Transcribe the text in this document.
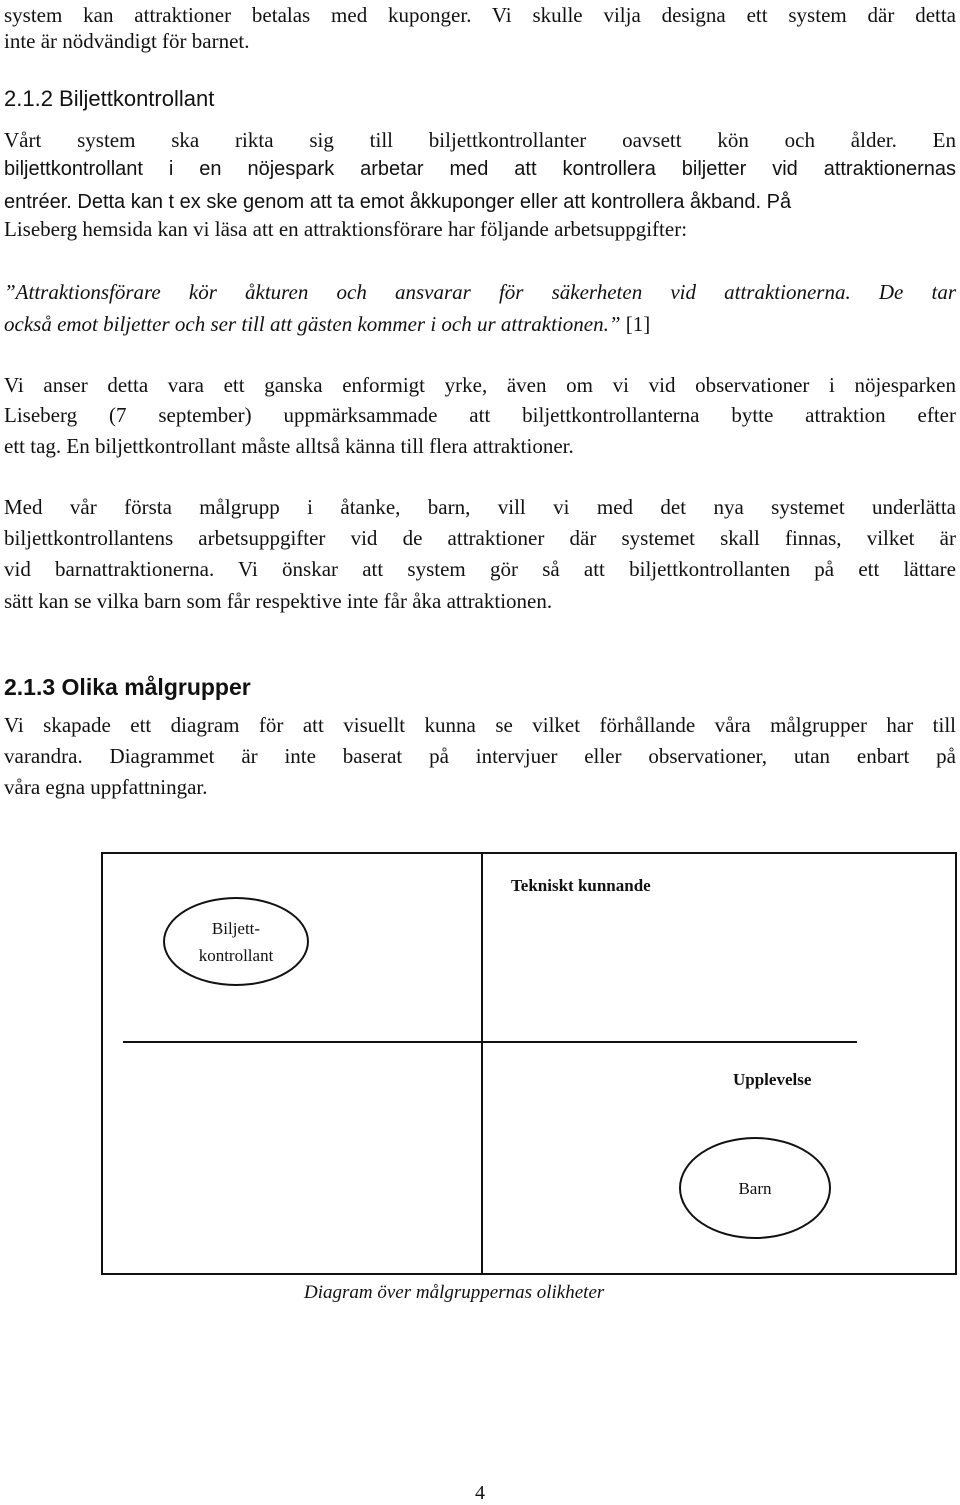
system kan attraktioner betalas med kuponger. Vi skulle vilja designa ett system där detta

inte är nödvändigt för barnet.

2.1.2 Biljettkontrollant

Vårt system ska rikta sig till biljettkontrollanter oavsett kön och ålder. En

biljettkontrollant i en nöjespark arbetar med att kontrollera biljetter vid attraktionernas

entréer. Detta kan t ex ske genom att ta emot åkkuponger eller att kontrollera åkband. På

Liseberg hemsida kan vi läsa att en attraktionsförare har följande arbetsuppgifter:

”Attraktionsförare kör åkturen och ansvarar för säkerheten vid attraktionerna. De tar

också emot biljetter och ser till att gästen kommer i och ur attraktionen.” [1]

Vi anser detta vara ett ganska enformigt yrke, även om vi vid observationer i nöjesparken

Liseberg (7 september) uppmärksammade att biljettkontrollanterna bytte attraktion efter

ett tag. En biljettkontrollant måste alltså känna till flera attraktioner.

Med vår första målgrupp i åtanke, barn, vill vi med det nya systemet underlätta

biljettkontrollantens arbetsuppgifter vid de attraktioner där systemet skall finnas, vilket är

vid barnattraktionerna. Vi önskar att system gör så att biljettkontrollanten på ett lättare

sätt kan se vilka barn som får respektive inte får åka attraktionen.

2.1.3 Olika målgrupper

Vi skapade ett diagram för att visuellt kunna se vilket förhållande våra målgrupper har till

varandra. Diagrammet är inte baserat på intervjuer eller observationer, utan enbart på

våra egna uppfattningar.

Tekniskt kunnande
Upplevelse
Biljett-
kontrollant
Barn
Diagram över målgruppernas olikheter
4
